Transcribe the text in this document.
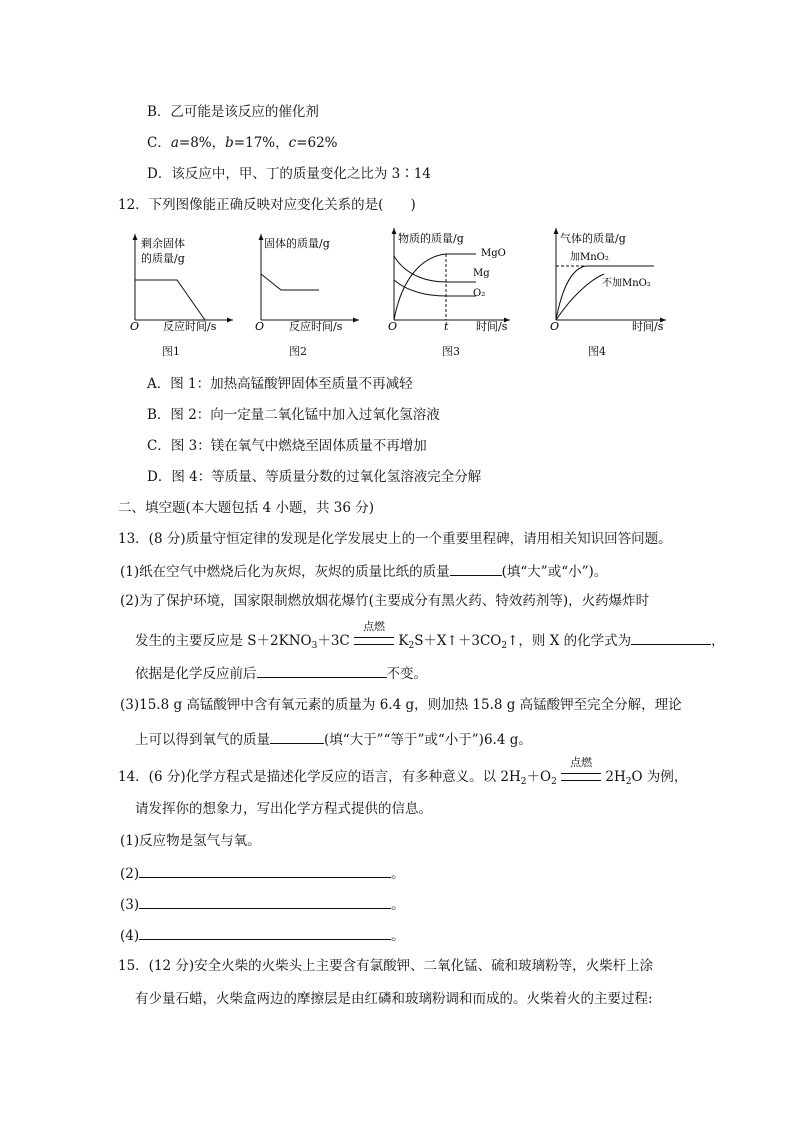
B．乙可能是该反应的催化剂
C．a=8%，b=17%，c=62%
D．该反应中，甲、丁的质量变化之比为 3∶14
12．下列图像能正确反映对应变化关系的是(　　)
剩余固体
的质量/g
O 反应时间/s
图1
固体的质量/g
O 反应时间/s
图2
物质的质量/g
MgO
Mg
O₂
O	t	时间/s
图3
气体的质量/g
加MnO₂
不加MnO₂
O	时间/s
图4
A．图 1：加热高锰酸钾固体至质量不再减轻
B．图 2：向一定量二氧化锰中加入过氧化氢溶液
C．图 3：镁在氧气中燃烧至固体质量不再增加
D．图 4：等质量、等质量分数的过氧化氢溶液完全分解
二、填空题(本大题包括 4 小题，共 36 分)
13．(8 分)质量守恒定律的发现是化学发展史上的一个重要里程碑，请用相关知识回答问题。
(1)纸在空气中燃烧后化为灰烬，灰烬的质量比纸的质量	(填“大”或“小”)。
(2)为了保护环境，国家限制燃放烟花爆竹(主要成分有黑火药、特效药剂等)，火药爆炸时
发生的主要反应是 $S+2KNO_3+3C$
点燃
$K_2S+X↑+3CO_2↑$，则 X 的化学式为	，
依据是化学反应前后	不变。
(3)15.8 g 高锰酸钾中含有氧元素的质量为 6.4 g，则加热 15.8 g 高锰酸钾至完全分解，理论
上可以得到氧气的质量	(填“大于”“等于”或“小于”)6.4 g。
14．(6 分)化学方程式是描述化学反应的语言，有多种意义。以 $2H_2+O_2$
点燃
$2H_2O$ 为例，
请发挥你的想象力，写出化学方程式提供的信息。
(1)反应物是氢气与氧。
(2)	。
(3)	。
(4)	。
15．(12 分)安全火柴的火柴头上主要含有氯酸钾、二氧化锰、硫和玻璃粉等，火柴杆上涂
有少量石蜡，火柴盒两边的摩擦层是由红磷和玻璃粉调和而成的。火柴着火的主要过程:
